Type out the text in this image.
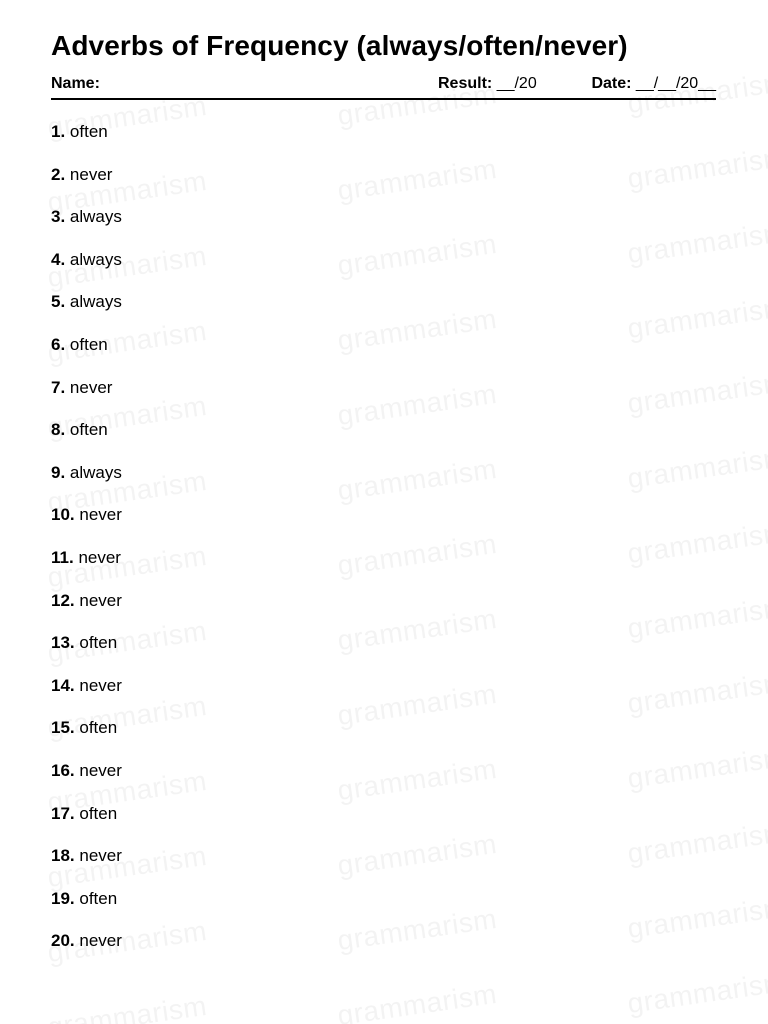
Adverbs of Frequency (always/often/never)
Name:	Result: __/20	Date: __/__/20__
1. often
2. never
3. always
4. always
5. always
6. often
7. never
8. often
9. always
10. never
11. never
12. never
13. often
14. never
15. often
16. never
17. often
18. never
19. often
20. never
